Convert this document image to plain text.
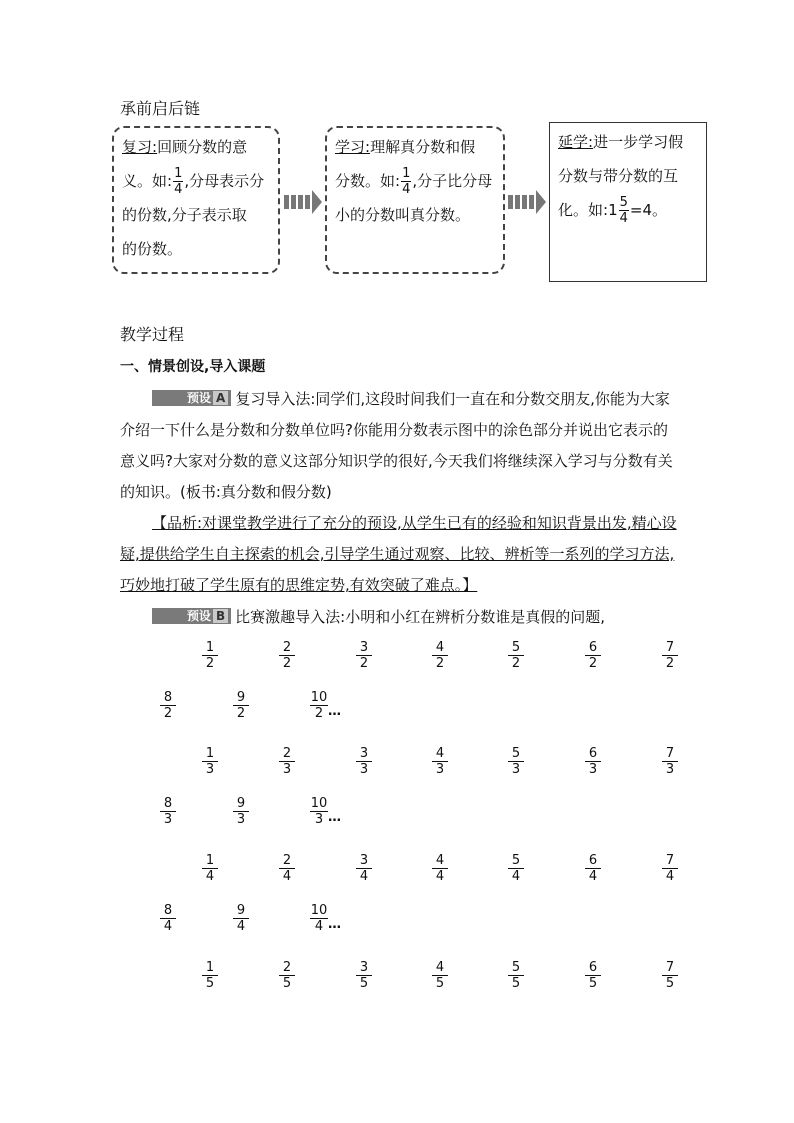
承前启后链
复习:回顾分数的意
义。如: $\frac{1}{4}$ ,分母表示分
的份数,分子表示取
的份数。
学习:理解真分数和假
分数。如: $\frac{1}{4}$ ,分子比分母
小的分数叫真分数。
延学:进一步学习假
分数与带分数的互
化。如:1 $\frac{5}{4} =4$。
教学过程
一、情景创设,导入课题
预设 A 复习导入法:同学们,这段时间我们一直在和分数交朋友,你能为大家介绍一下什么是分数和分数单位吗?你能用分数表示图中的涂色部分并说出它表示的意义吗?大家对分数的意义这部分知识学的很好,今天我们将继续深入学习与分数有关的知识。(板书:真分数和假分数)
【品析:对课堂教学进行了充分的预设,从学生已有的经验和知识背景出发,精心设疑,提供给学生自主探索的机会,引导学生通过观察、比较、辨析等一系列的学习方法,巧妙地打破了学生原有的思维定势,有效突破了难点。】
预设 B 比赛激趣导入法:小明和小红在辨析分数谁是真假的问题,
$\frac{1}{2}$	$\frac{2}{2}$	$\frac{3}{2}$	$\frac{4}{2}$	$\frac{5}{2}$	$\frac{6}{2}$	$\frac{7}{2}$
$\frac{8}{2}$	$\frac{9}{2}$	$\frac{10}{2}$ …
$\frac{1}{3}$	$\frac{2}{3}$	$\frac{3}{3}$	$\frac{4}{3}$	$\frac{5}{3}$	$\frac{6}{3}$	$\frac{7}{3}$
$\frac{8}{3}$	$\frac{9}{3}$	$\frac{10}{3}$ …
$\frac{1}{4}$	$\frac{2}{4}$	$\frac{3}{4}$	$\frac{4}{4}$	$\frac{5}{4}$	$\frac{6}{4}$	$\frac{7}{4}$
$\frac{8}{4}$	$\frac{9}{4}$	$\frac{10}{4}$ …
$\frac{1}{5}$	$\frac{2}{5}$	$\frac{3}{5}$	$\frac{4}{5}$	$\frac{5}{5}$	$\frac{6}{5}$	$\frac{7}{5}$
